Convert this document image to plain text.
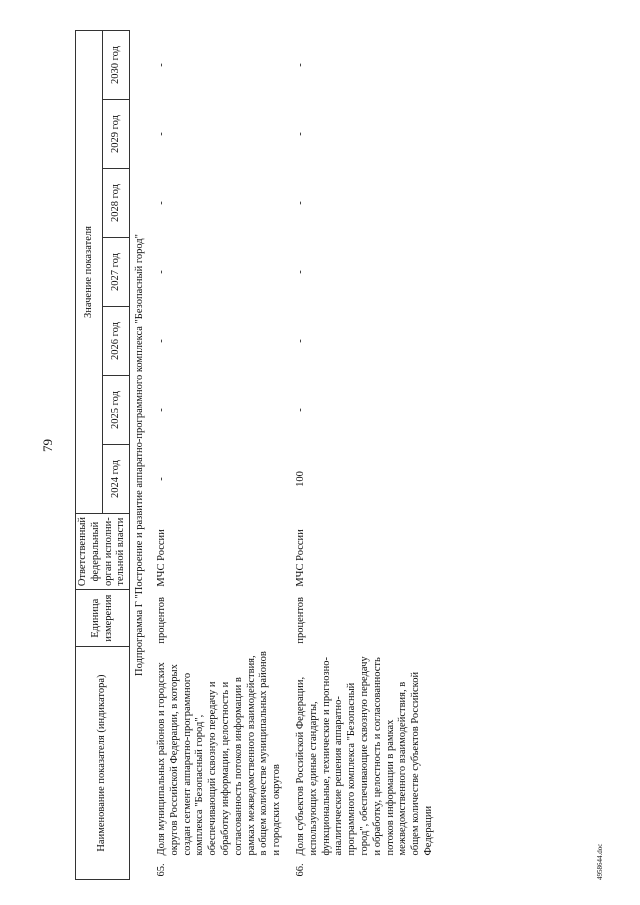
79
Наименование показателя (индикатора)		Единица измерения	Ответственный федеральный орган исполни-тельной власти	Значение показателя						
				2024 год	2025 год	2026 год	2027 год	2028 год	2029 год	2030 год
Подпрограмма Г "Построение и развитие аппаратно-программного комплекса "Безопасный город"										
65.	Доля муниципальных районов и городских округов Российской Федерации, в которых создан сегмент аппаратно-программного комплекса "Безопасный город", обеспечивающий сквозную передачу и обработку информации, целостность и согласованность потоков информации в рамках межведомственного взаимодействия, в общем количестве муниципальных районов и городских округов	процентов	МЧС России	-	-	-	-	-	-	-
66.	Доля субъектов Российской Федерации, использующих единые стандарты, функциональные, технические и прогнозно-аналитические решения аппаратно-программного комплекса "Безопасный город", обеспечивающие сквозную передачу и обработку, целостность и согласованность потоков информации в рамках межведомственного взаимодействия, в общем количестве субъектов Российской Федерации	процентов	МЧС России	100	-	-	-	-	-	-
4958644.doc
